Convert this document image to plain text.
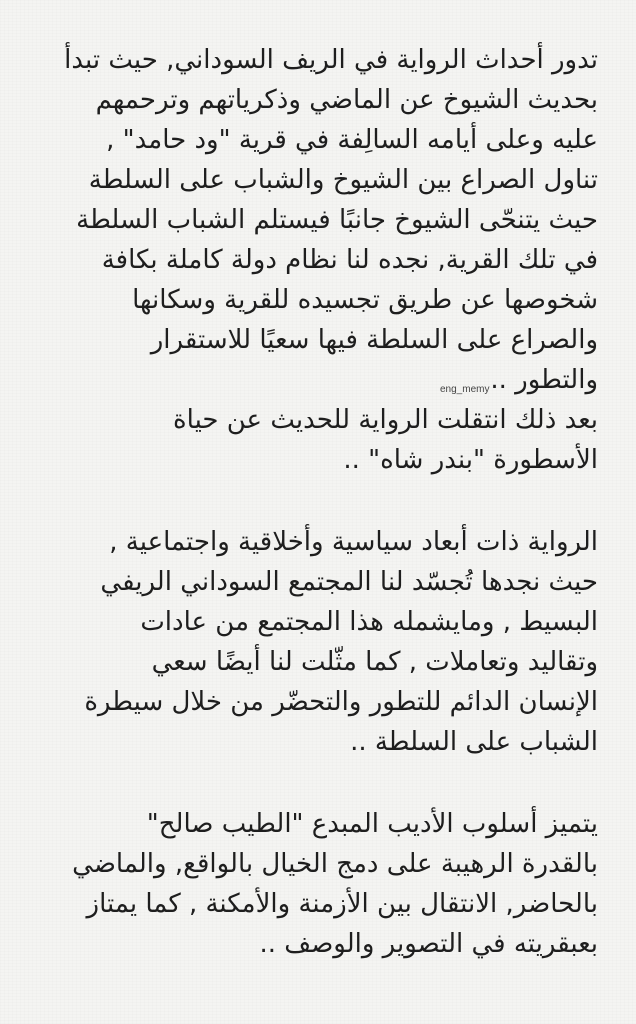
تدور أحداث الرواية في الريف السوداني, حيث تبدأ
بحديث الشيوخ عن الماضي وذكرياتهم وترحمهم
عليه وعلى أيامه السالِفة في قرية "ود حامد" ,
تناول الصراع بين الشيوخ والشباب على السلطة
حيث يتنحّى الشيوخ جانبًا فيستلم الشباب السلطة
في تلك القرية, نجده لنا نظام دولة كاملة بكافة
شخوصها عن طريق تجسيده للقرية وسكانها
والصراع على السلطة فيها سعيًا للاستقرار
والتطور ..
بعد ذلك انتقلت الرواية للحديث عن حياة
الأسطورة "بندر شاه" ..
الرواية ذات أبعاد سياسية وأخلاقية واجتماعية ,
حيث نجدها تُجسّد لنا المجتمع السوداني الريفي
البسيط , ومايشمله هذا المجتمع من عادات
وتقاليد وتعاملات , كما مثّلت لنا أيضًا سعي
الإنسان الدائم للتطور والتحضّر من خلال سيطرة
الشباب على السلطة ..
يتميز أسلوب الأديب المبدع "الطيب صالح"
بالقدرة الرهيبة على دمج الخيال بالواقع, والماضي
بالحاضر, الانتقال بين الأزمنة والأمكنة , كما يمتاز
بعبقريته في التصوير والوصف ..
eng_memy
